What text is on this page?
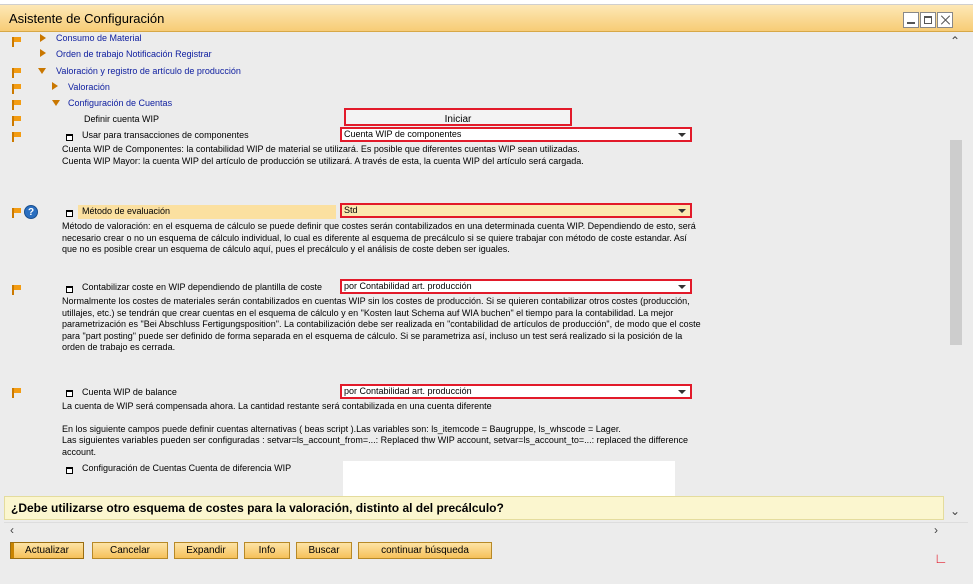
Asistente de Configuración
Consumo de Material
Orden de trabajo Notificación Registrar
Valoración y registro de artículo de producción
Valoración
Configuración de Cuentas
Definir cuenta WIP	Iniciar
Usar para transacciones de componentes	Cuenta WIP de componentes
Cuenta WIP de Componentes: la contabilidad WIP de material se utilizará. Es posible que diferentes cuentas WIP sean utilizadas.
Cuenta WIP Mayor: la cuenta WIP del artículo de producción se utilizará. A través de esta, la cuenta WIP del artículo será cargada.
?	Método de evaluación	Std
Método de valoración: en el esquema de cálculo se puede definir que costes serán contabilizados en una determinada cuenta WIP. Dependiendo de esto, será
necesario crear o no un esquema de cálculo individual, lo cual es diferente al esquema de precálculo si se quiere trabajar con método de coste estandar. Así
que no es posible crear un esquema de cálculo aquí, pues el precálculo y el análisis de coste deben ser iguales.
Contabilizar coste en WIP dependiendo de plantilla de coste	por Contabilidad art. producción
Normalmente los costes de materiales serán contabilizados en cuentas WIP sin los costes de producción. Si se quieren contabilizar otros costes (producción,
utillajes, etc.) se tendrán que crear cuentas en el esquema de cálculo y en "Kosten laut Schema auf WIA buchen" el tiempo para la contabilidad. La mejor
parametrización es "Bei Abschluss Fertigungsposition". La contabilización debe ser realizada en "contabilidad de artículos de producción", de modo que el coste
para "part posting" puede ser definido de forma separada en el esquema de cálculo. Si se parametriza así, incluso un test será realizado si la posición de la
orden de trabajo es cerrada.
Cuenta WIP de balance	por Contabilidad art. producción
La cuenta de WIP será compensada ahora. La cantidad restante será contabilizada en una cuenta diferente
En los siguiente campos puede definir cuentas alternativas ( beas script ).Las variables son: ls_itemcode = Baugruppe, ls_whscode = Lager.
Las siguientes variables pueden ser configuradas : setvar=ls_account_from=...: Replaced thw WIP account, setvar=ls_account_to=...: replaced the difference
account.
Configuración de Cuentas Cuenta de diferencia WIP
⌃
⌄
¿Debe utilizarse otro esquema de costes para la valoración, distinto al del precálculo?
‹	›
Actualizar	Cancelar	Expandir	Info	Buscar	continuar búsqueda	∟
